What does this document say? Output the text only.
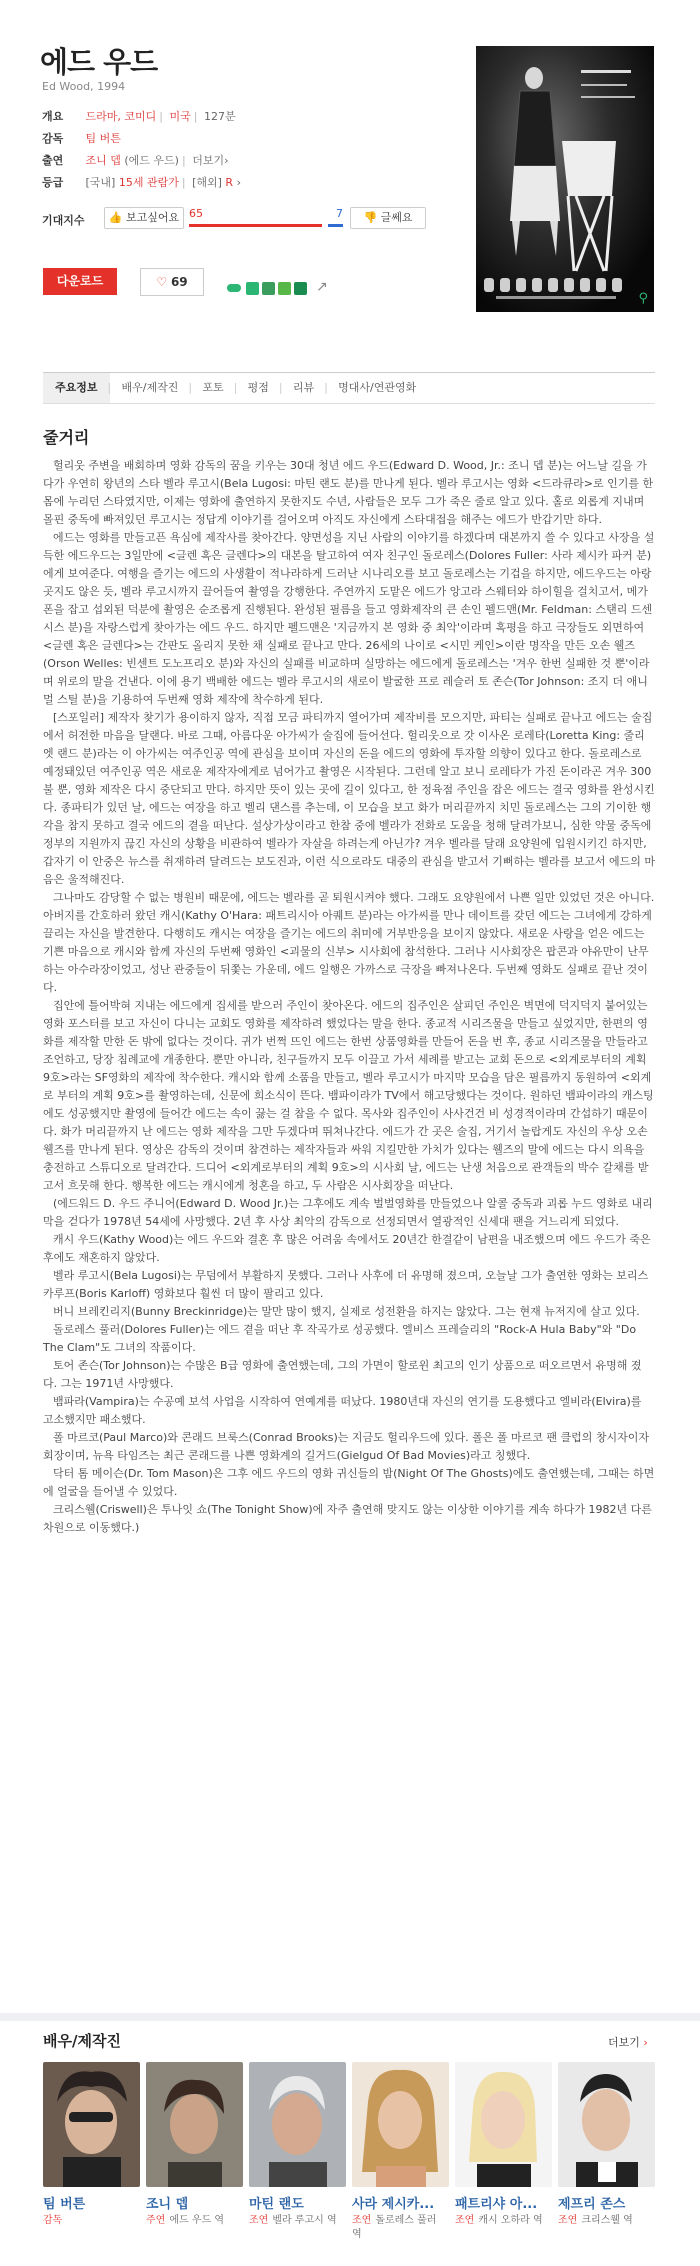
에드 우드
Ed Wood, 1994
개요 드라마, 코미디 | 미국 | 127분
감독 팀 버튼
출연 조니 뎁 (에드 우드) | 더보기›
등급 [국내] 15세 관람가 | [해외] R ›
기대지수	👍 보고싶어요 65	7	👎 글쎄요
다운로드	♡ 69	↗
⚲
주요정보	| 배우/제작진	| 포토	| 평점	| 리뷰	| 명대사/연관영화
줄거리

헐리웃 주변을 배회하며 영화 감독의 꿈을 키우는 30대 청년 에드 우드(Edward D. Wood, Jr.: 조니 뎁 분)는 어느날 길을 가다가 우연히 왕년의 스타 벨라 루고시(Bela Lugosi: 마틴 랜도 분)를 만나게 된다. 벨라 루고시는 영화 <드라큐라>로 인기를 한 몸에 누리던 스타였지만, 이제는 영화에 출연하지 못한지도 수년, 사람들은 모두 그가 죽은 줄로 알고 있다. 홀로 외롭게 지내며 몰핀 중독에 빠져있던 루고시는 정답게 이야기를 걸어오며 아직도 자신에게 스타대접을 해주는 에드가 반갑기만 하다.

에드는 영화를 만들고픈 욕심에 제작사를 찾아간다. 양면성을 지닌 사람의 이야기를 하겠다며 대본까지 쓸 수 있다고 사장을 설득한 에드우드는 3일만에 <글렌 혹은 글렌다>의 대본을 탈고하여 여자 친구인 돌로레스(Dolores Fuller: 사라 제시카 파커 분)에게 보여준다. 여행을 즐기는 에드의 사생활이 적나라하게 드러난 시나리오를 보고 돌로레스는 기겁을 하지만, 에드우드는 아랑곳지도 않은 듯, 벨라 루고시까지 끌어들여 촬영을 강행한다. 주연까지 도맡은 에드가 앙고라 스웨터와 하이힐을 걸치고서, 메가폰을 잡고 섭외된 덕분에 촬영은 순조롭게 진행된다. 완성된 필름을 들고 영화제작의 큰 손인 펠드맨(Mr. Feldman: 스탠리 드센시스 분)을 자랑스럽게 찾아가는 에드 우드. 하지만 펠드맨은 '지금까지 본 영화 중 최악'이라며 혹평을 하고 극장들도 외면하여 <글렌 혹은 글렌다>는 간판도 올리지 못한 채 실패로 끝나고 만다. 26세의 나이로 <시민 케인>이란 명작을 만든 오손 웰즈(Orson Welles: 빈센트 도노프리오 분)와 자신의 실패를 비교하며 실망하는 에드에게 돌로레스는 '겨우 한번 실패한 것 뿐'이라며 위로의 말을 건낸다. 이에 용기 백배한 에드는 벨라 루고시의 새로이 발굴한 프로 레슬러 토 존슨(Tor Johnson: 조지 더 애니멀 스틸 분)을 기용하여 두번째 영화 제작에 착수하게 된다.

[스포일러] 제작자 찾기가 용이하지 않자, 직접 모금 파티까지 열어가며 제작비를 모으지만, 파티는 실패로 끝나고 에드는 술집에서 허전한 마음을 달랜다. 바로 그때, 아름다운 아가씨가 술집에 들어선다. 헐리웃으로 갓 이사온 로레타(Loretta King: 줄리엣 랜드 분)라는 이 아가씨는 여주인공 역에 관심을 보이며 자신의 돈을 에드의 영화에 투자할 의향이 있다고 한다. 돌로레스로 예정돼있던 여주인공 역은 새로운 제작자에게로 넘어가고 촬영은 시작된다. 그런데 알고 보니 로레타가 가진 돈이라곤 겨우 300불 뿐, 영화 제작은 다시 중단되고 만다. 하지만 뜻이 있는 곳에 길이 있다고, 한 정육점 주인을 잡은 에드는 결국 영화를 완성시킨다. 종파티가 있던 날, 에드는 여장을 하고 벨리 댄스를 추는데, 이 모습을 보고 화가 머리끝까지 치민 돌로레스는 그의 기이한 행각을 참지 못하고 결국 에드의 곁을 떠난다. 설상가상이라고 한참 중에 벨라가 전화로 도움을 청해 달려가보니, 심한 약물 중독에 정부의 지원까지 끊긴 자신의 상황을 비관하여 벨라가 자살을 하려는게 아닌가? 겨우 벨라를 달래 요양원에 입원시키긴 하지만, 갑자기 이 안중은 뉴스를 취재하려 달려드는 보도진과, 이런 식으로라도 대중의 관심을 받고서 기뻐하는 벨라를 보고서 에드의 마음은 울적해진다.

그나마도 감당할 수 없는 병원비 때문에, 에드는 벨라를 곧 퇴원시켜야 했다. 그래도 요양원에서 나쁜 일만 있었던 것은 아니다. 아버지를 간호하러 왔던 캐시(Kathy O'Hara: 패트리시아 아퀘트 분)라는 아가씨를 만나 데이트를 갖던 에드는 그녀에게 강하게 끌리는 자신을 발견한다. 다행히도 캐시는 여장을 즐기는 에드의 취미에 거부반응을 보이지 않았다. 새로운 사랑을 얻은 에드는 기쁜 마음으로 캐시와 함께 자신의 두번째 영화인 <괴물의 신부> 시사회에 참석한다. 그러나 시사회장은 팝콘과 야유만이 난무하는 아수라장이었고, 성난 관중들이 뒤쫓는 가운데, 에드 일행은 가까스로 극장을 빠져나온다. 두번째 영화도 실패로 끝난 것이다.

집안에 틀어박혀 지내는 에드에게 집세를 받으러 주인이 찾아온다. 에드의 집주인은 살피던 주인은 벽면에 덕지덕지 붙어있는 영화 포스터를 보고 자신이 다니는 교회도 영화를 제작하려 했었다는 말을 한다. 종교적 시리즈물을 만들고 싶었지만, 한편의 영화를 제작할 만한 돈 밖에 없다는 것이다. 귀가 번쩍 뜨인 에드는 한번 상품영화를 만들어 돈을 번 후, 종교 시리즈물을 만들라고 조언하고, 당장 침례교에 개종한다. 뿐만 아니라, 친구들까지 모두 이끌고 가서 세례를 받고는 교회 돈으로 <외계로부터의 계획 9호>라는 SF영화의 제작에 착수한다. 캐시와 함께 소품을 만들고, 벨라 루고시가 마지막 모습을 담은 필름까지 동원하여 <외계로 부터의 계획 9호>를 촬영하는데, 신문에 희소식이 뜬다. 뱀파이라가 TV에서 해고당했다는 것이다. 원하던 뱀파이라의 캐스팅에도 성공했지만 촬영에 들어간 에드는 속이 끓는 걸 참을 수 없다. 목사와 집주인이 사사건건 비 성경적이라며 간섭하기 때문이다. 화가 머리끝까지 난 에드는 영화 제작을 그만 두겠다며 뛰쳐나간다. 에드가 간 곳은 술집, 거기서 놀랍게도 자신의 우상 오손 웰즈를 만나게 된다. 영상은 감독의 것이며 참견하는 제작자들과 싸워 지킬만한 가치가 있다는 웰즈의 말에 에드는 다시 의욕을 충전하고 스튜디오로 달려간다. 드디어 <외계로부터의 계획 9호>의 시사회 날, 에드는 난생 처음으로 관객들의 박수 갈채를 받고서 흐뭇해 한다. 행복한 에드는 캐시에게 청혼을 하고, 두 사람은 시사회장을 떠난다.

(에드워드 D. 우드 주니어(Edward D. Wood Jr.)는 그후에도 계속 벌벌영화를 만들었으나 알콜 중독과 괴롭 누드 영화로 내리막을 걷다가 1978년 54세에 사망했다. 2년 후 사상 최악의 감독으로 선정되면서 열광적인 신세대 팬을 거느리게 되었다.

캐시 우드(Kathy Wood)는 에드 우드와 결혼 후 많은 어려움 속에서도 20년간 한결같이 남편을 내조했으며 에드 우드가 죽은 후에도 재혼하지 않았다.

벨라 루고시(Bela Lugosi)는 무덤에서 부활하지 못했다. 그러나 사후에 더 유명해 졌으며, 오늘날 그가 출연한 영화는 보리스 카루프(Boris Karloff) 영화보다 훨씬 더 많이 팔리고 있다.

버니 브레킨리지(Bunny Breckinridge)는 말만 많이 했지, 실제로 성전환을 하지는 않았다. 그는 현재 뉴저지에 살고 있다.

돌로레스 풀러(Dolores Fuller)는 에드 곁을 떠난 후 작곡가로 성공했다. 엘비스 프레슬리의 "Rock-A Hula Baby"와 "Do The Clam"도 그녀의 작품이다.

토어 존슨(Tor Johnson)는 수많은 B급 영화에 출연했는데, 그의 가면이 할로윈 최고의 인기 상품으로 떠오르면서 유명해 졌다. 그는 1971년 사망했다.

뱀파라(Vampira)는 수공예 보석 사업을 시작하여 연예계를 떠났다. 1980년대 자신의 연기를 도용했다고 엘비라(Elvira)를 고소했지만 패소했다.

폴 마르코(Paul Marco)와 콘래드 브룩스(Conrad Brooks)는 지금도 헐리우드에 있다. 폴은 폴 마르코 팬 클럽의 창시자이자 회장이며, 뉴욕 타임즈는 최근 콘래드를 나쁜 영화계의 길거드(Gielgud Of Bad Movies)라고 칭했다.

닥터 톰 메이슨(Dr. Tom Mason)은 그후 에드 우드의 영화 귀신들의 밤(Night Of The Ghosts)에도 출연했는데, 그때는 하면에 얼굴을 들어낼 수 있었다.

크리스웰(Criswell)은 투나잇 쇼(The Tonight Show)에 자주 출연해 맞지도 않는 이상한 이야기를 계속 하다가 1982년 다른 차원으로 이동했다.)

배우/제작진	더보기 ›
팀 버튼
감독
조니 뎁
주연 에드 우드 역
마틴 랜도
조연 벨라 루고시 역
사라 제시카...
조연 돌로레스 풀러 역
패트리샤 아...
조연 캐시 오하라 역
제프리 존스
조연 크리스웰 역
